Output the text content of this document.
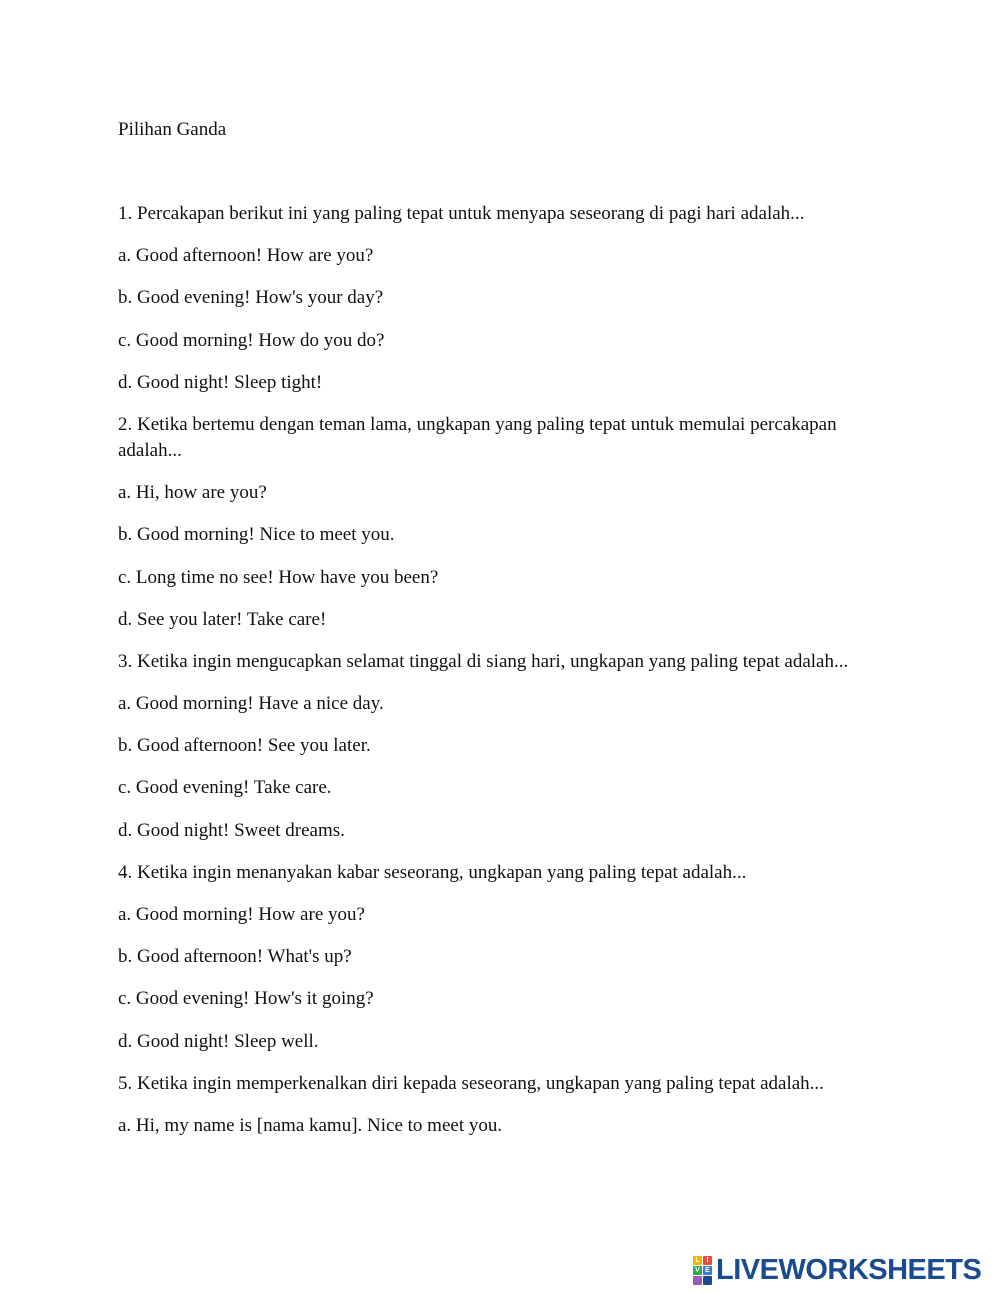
Pilihan Ganda
1. Percakapan berikut ini yang paling tepat untuk menyapa seseorang di pagi hari adalah...
a. Good afternoon! How are you?
b. Good evening! How's your day?
c. Good morning! How do you do?
d. Good night! Sleep tight!
2. Ketika bertemu dengan teman lama, ungkapan yang paling tepat untuk memulai percakapan adalah...
a. Hi, how are you?
b. Good morning! Nice to meet you.
c. Long time no see! How have you been?
d. See you later! Take care!
3. Ketika ingin mengucapkan selamat tinggal di siang hari, ungkapan yang paling tepat adalah...
a. Good morning! Have a nice day.
b. Good afternoon! See you later.
c. Good evening! Take care.
d. Good night! Sweet dreams.
4. Ketika ingin menanyakan kabar seseorang, ungkapan yang paling tepat adalah...
a. Good morning! How are you?
b. Good afternoon! What's up?
c. Good evening! How's it going?
d. Good night! Sleep well.
5. Ketika ingin memperkenalkan diri kepada seseorang, ungkapan yang paling tepat adalah...
a. Hi, my name is [nama kamu]. Nice to meet you.
L I
V E LIVEWORKSHEETS
